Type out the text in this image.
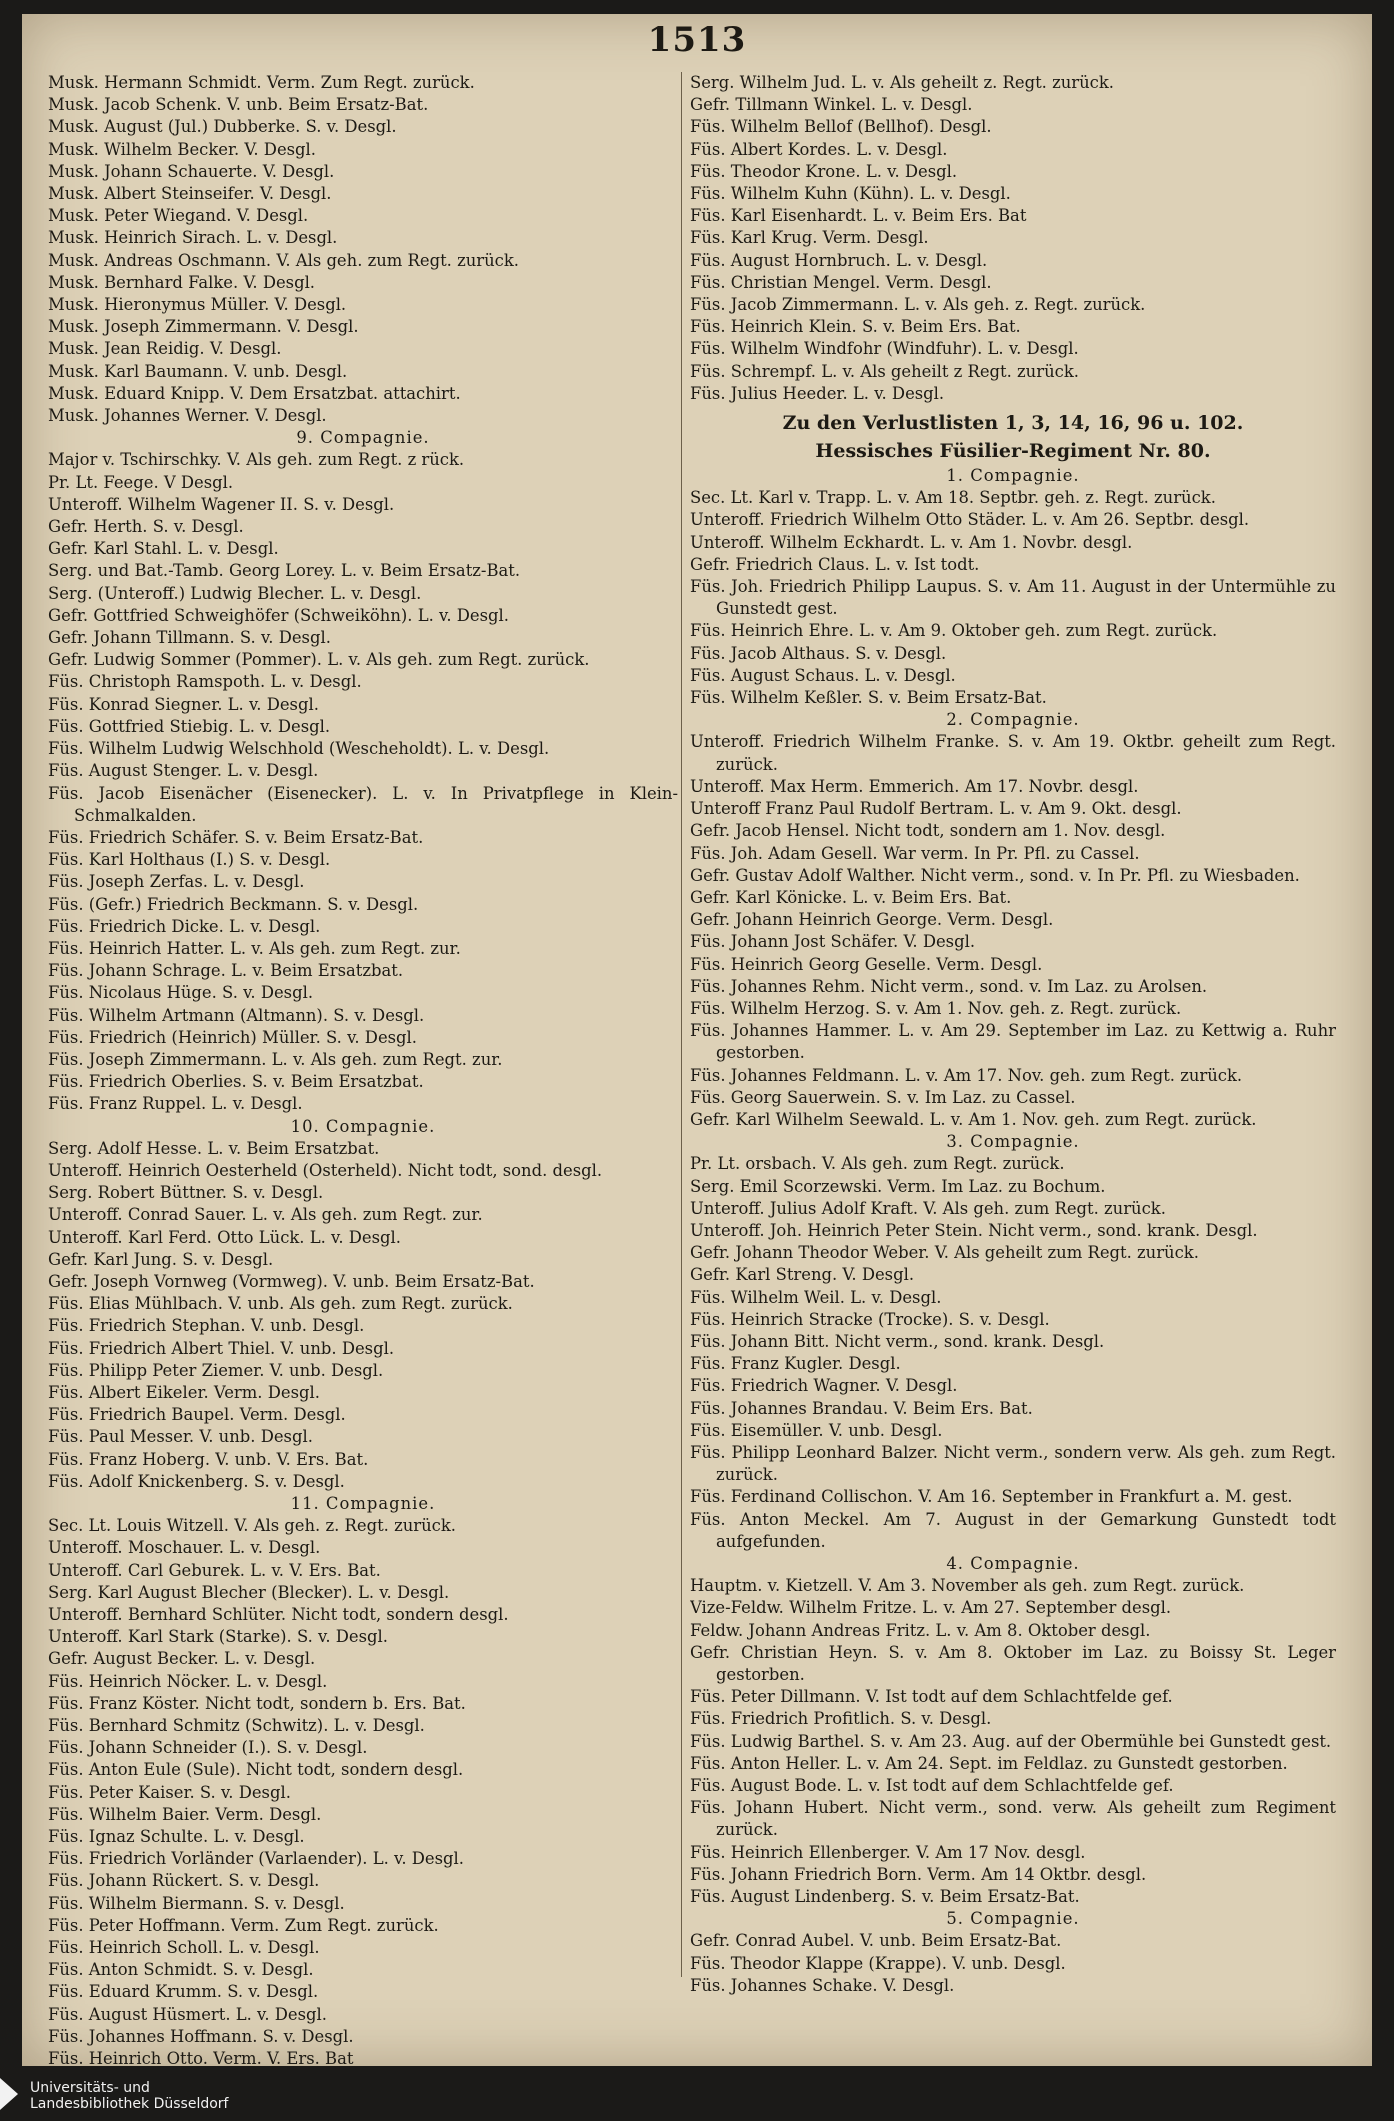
1513
Musk. Hermann Schmidt. Verm. Zum Regt. zurück.
Musk. Jacob Schenk. V. unb. Beim Ersatz-Bat.
Musk. August (Jul.) Dubberke. S. v. Desgl.
Musk. Wilhelm Becker. V. Desgl.
Musk. Johann Schauerte. V. Desgl.
Musk. Albert Steinseifer. V. Desgl.
Musk. Peter Wiegand. V. Desgl.
Musk. Heinrich Sirach. L. v. Desgl.
Musk. Andreas Oschmann. V. Als geh. zum Regt. zurück.
Musk. Bernhard Falke. V. Desgl.
Musk. Hieronymus Müller. V. Desgl.
Musk. Joseph Zimmermann. V. Desgl.
Musk. Jean Reidig. V. Desgl.
Musk. Karl Baumann. V. unb. Desgl.
Musk. Eduard Knipp. V. Dem Ersatzbat. attachirt.
Musk. Johannes Werner. V. Desgl.
9. Compagnie.
Major v. Tschirschky. V. Als geh. zum Regt. z rück.
Pr. Lt. Feege. V Desgl.
Unteroff. Wilhelm Wagener II. S. v. Desgl.
Gefr. Herth. S. v. Desgl.
Gefr. Karl Stahl. L. v. Desgl.
Serg. und Bat.-Tamb. Georg Lorey. L. v. Beim Ersatz-Bat.
Serg. (Unteroff.) Ludwig Blecher. L. v. Desgl.
Gefr. Gottfried Schweighöfer (Schweiköhn). L. v. Desgl.
Gefr. Johann Tillmann. S. v. Desgl.
Gefr. Ludwig Sommer (Pommer). L. v. Als geh. zum Regt. zurück.
Füs. Christoph Ramspoth. L. v. Desgl.
Füs. Konrad Siegner. L. v. Desgl.
Füs. Gottfried Stiebig. L. v. Desgl.
Füs. Wilhelm Ludwig Welschhold (Wescheholdt). L. v. Desgl.
Füs. August Stenger. L. v. Desgl.
Füs. Jacob Eisenächer (Eisenecker). L. v. In Privatpflege in Klein-Schmalkalden.
Füs. Friedrich Schäfer. S. v. Beim Ersatz-Bat.
Füs. Karl Holthaus (I.) S. v. Desgl.
Füs. Joseph Zerfas. L. v. Desgl.
Füs. (Gefr.) Friedrich Beckmann. S. v. Desgl.
Füs. Friedrich Dicke. L. v. Desgl.
Füs. Heinrich Hatter. L. v. Als geh. zum Regt. zur.
Füs. Johann Schrage. L. v. Beim Ersatzbat.
Füs. Nicolaus Hüge. S. v. Desgl.
Füs. Wilhelm Artmann (Altmann). S. v. Desgl.
Füs. Friedrich (Heinrich) Müller. S. v. Desgl.
Füs. Joseph Zimmermann. L. v. Als geh. zum Regt. zur.
Füs. Friedrich Oberlies. S. v. Beim Ersatzbat.
Füs. Franz Ruppel. L. v. Desgl.
10. Compagnie.
Serg. Adolf Hesse. L. v. Beim Ersatzbat.
Unteroff. Heinrich Oesterheld (Osterheld). Nicht todt, sond. desgl.
Serg. Robert Büttner. S. v. Desgl.
Unteroff. Conrad Sauer. L. v. Als geh. zum Regt. zur.
Unteroff. Karl Ferd. Otto Lück. L. v. Desgl.
Gefr. Karl Jung. S. v. Desgl.
Gefr. Joseph Vornweg (Vormweg). V. unb. Beim Ersatz-Bat.
Füs. Elias Mühlbach. V. unb. Als geh. zum Regt. zurück.
Füs. Friedrich Stephan. V. unb. Desgl.
Füs. Friedrich Albert Thiel. V. unb. Desgl.
Füs. Philipp Peter Ziemer. V. unb. Desgl.
Füs. Albert Eikeler. Verm. Desgl.
Füs. Friedrich Baupel. Verm. Desgl.
Füs. Paul Messer. V. unb. Desgl.
Füs. Franz Hoberg. V. unb. V. Ers. Bat.
Füs. Adolf Knickenberg. S. v. Desgl.
11. Compagnie.
Sec. Lt. Louis Witzell. V. Als geh. z. Regt. zurück.
Unteroff. Moschauer. L. v. Desgl.
Unteroff. Carl Geburek. L. v. V. Ers. Bat.
Serg. Karl August Blecher (Blecker). L. v. Desgl.
Unteroff. Bernhard Schlüter. Nicht todt, sondern desgl.
Unteroff. Karl Stark (Starke). S. v. Desgl.
Gefr. August Becker. L. v. Desgl.
Füs. Heinrich Nöcker. L. v. Desgl.
Füs. Franz Köster. Nicht todt, sondern b. Ers. Bat.
Füs. Bernhard Schmitz (Schwitz). L. v. Desgl.
Füs. Johann Schneider (I.). S. v. Desgl.
Füs. Anton Eule (Sule). Nicht todt, sondern desgl.
Füs. Peter Kaiser. S. v. Desgl.
Füs. Wilhelm Baier. Verm. Desgl.
Füs. Ignaz Schulte. L. v. Desgl.
Füs. Friedrich Vorländer (Varlaender). L. v. Desgl.
Füs. Johann Rückert. S. v. Desgl.
Füs. Wilhelm Biermann. S. v. Desgl.
Füs. Peter Hoffmann. Verm. Zum Regt. zurück.
Füs. Heinrich Scholl. L. v. Desgl.
Füs. Anton Schmidt. S. v. Desgl.
Füs. Eduard Krumm. S. v. Desgl.
Füs. August Hüsmert. L. v. Desgl.
Füs. Johannes Hoffmann. S. v. Desgl.
Füs. Heinrich Otto. Verm. V. Ers. Bat
Serg. Wilhelm Jud. L. v. Als geheilt z. Regt. zurück.
Gefr. Tillmann Winkel. L. v. Desgl.
Füs. Wilhelm Bellof (Bellhof). Desgl.
Füs. Albert Kordes. L. v. Desgl.
Füs. Theodor Krone. L. v. Desgl.
Füs. Wilhelm Kuhn (Kühn). L. v. Desgl.
Füs. Karl Eisenhardt. L. v. Beim Ers. Bat
Füs. Karl Krug. Verm. Desgl.
Füs. August Hornbruch. L. v. Desgl.
Füs. Christian Mengel. Verm. Desgl.
Füs. Jacob Zimmermann. L. v. Als geh. z. Regt. zurück.
Füs. Heinrich Klein. S. v. Beim Ers. Bat.
Füs. Wilhelm Windfohr (Windfuhr). L. v. Desgl.
Füs. Schrempf. L. v. Als geheilt z Regt. zurück.
Füs. Julius Heeder. L. v. Desgl.
Zu den Verlustlisten 1, 3, 14, 16, 96 u. 102.
Hessisches Füsilier-Regiment Nr. 80.
1. Compagnie.
Sec. Lt. Karl v. Trapp. L. v. Am 18. Septbr. geh. z. Regt. zurück.
Unteroff. Friedrich Wilhelm Otto Städer. L. v. Am 26. Septbr. desgl.
Unteroff. Wilhelm Eckhardt. L. v. Am 1. Novbr. desgl.
Gefr. Friedrich Claus. L. v. Ist todt.
Füs. Joh. Friedrich Philipp Laupus. S. v. Am 11. August in der Untermühle zu Gunstedt gest.
Füs. Heinrich Ehre. L. v. Am 9. Oktober geh. zum Regt. zurück.
Füs. Jacob Althaus. S. v. Desgl.
Füs. August Schaus. L. v. Desgl.
Füs. Wilhelm Keßler. S. v. Beim Ersatz-Bat.
2. Compagnie.
Unteroff. Friedrich Wilhelm Franke. S. v. Am 19. Oktbr. geheilt zum Regt. zurück.
Unteroff. Max Herm. Emmerich. Am 17. Novbr. desgl.
Unteroff Franz Paul Rudolf Bertram. L. v. Am 9. Okt. desgl.
Gefr. Jacob Hensel. Nicht todt, sondern am 1. Nov. desgl.
Füs. Joh. Adam Gesell. War verm. In Pr. Pfl. zu Cassel.
Gefr. Gustav Adolf Walther. Nicht verm., sond. v. In Pr. Pfl. zu Wiesbaden.
Gefr. Karl Könicke. L. v. Beim Ers. Bat.
Gefr. Johann Heinrich George. Verm. Desgl.
Füs. Johann Jost Schäfer. V. Desgl.
Füs. Heinrich Georg Geselle. Verm. Desgl.
Füs. Johannes Rehm. Nicht verm., sond. v. Im Laz. zu Arolsen.
Füs. Wilhelm Herzog. S. v. Am 1. Nov. geh. z. Regt. zurück.
Füs. Johannes Hammer. L. v. Am 29. September im Laz. zu Kettwig a. Ruhr gestorben.
Füs. Johannes Feldmann. L. v. Am 17. Nov. geh. zum Regt. zurück.
Füs. Georg Sauerwein. S. v. Im Laz. zu Cassel.
Gefr. Karl Wilhelm Seewald. L. v. Am 1. Nov. geh. zum Regt. zurück.
3. Compagnie.
Pr. Lt. orsbach. V. Als geh. zum Regt. zurück.
Serg. Emil Scorzewski. Verm. Im Laz. zu Bochum.
Unteroff. Julius Adolf Kraft. V. Als geh. zum Regt. zurück.
Unteroff. Joh. Heinrich Peter Stein. Nicht verm., sond. krank. Desgl.
Gefr. Johann Theodor Weber. V. Als geheilt zum Regt. zurück.
Gefr. Karl Streng. V. Desgl.
Füs. Wilhelm Weil. L. v. Desgl.
Füs. Heinrich Stracke (Trocke). S. v. Desgl.
Füs. Johann Bitt. Nicht verm., sond. krank. Desgl.
Füs. Franz Kugler. Desgl.
Füs. Friedrich Wagner. V. Desgl.
Füs. Johannes Brandau. V. Beim Ers. Bat.
Füs. Eisemüller. V. unb. Desgl.
Füs. Philipp Leonhard Balzer. Nicht verm., sondern verw. Als geh. zum Regt. zurück.
Füs. Ferdinand Collischon. V. Am 16. September in Frankfurt a. M. gest.
Füs. Anton Meckel. Am 7. August in der Gemarkung Gunstedt todt aufgefunden.
4. Compagnie.
Hauptm. v. Kietzell. V. Am 3. November als geh. zum Regt. zurück.
Vize-Feldw. Wilhelm Fritze. L. v. Am 27. September desgl.
Feldw. Johann Andreas Fritz. L. v. Am 8. Oktober desgl.
Gefr. Christian Heyn. S. v. Am 8. Oktober im Laz. zu Boissy St. Leger gestorben.
Füs. Peter Dillmann. V. Ist todt auf dem Schlachtfelde gef.
Füs. Friedrich Profitlich. S. v. Desgl.
Füs. Ludwig Barthel. S. v. Am 23. Aug. auf der Obermühle bei Gunstedt gest.
Füs. Anton Heller. L. v. Am 24. Sept. im Feldlaz. zu Gunstedt gestorben.
Füs. August Bode. L. v. Ist todt auf dem Schlachtfelde gef.
Füs. Johann Hubert. Nicht verm., sond. verw. Als geheilt zum Regiment zurück.
Füs. Heinrich Ellenberger. V. Am 17 Nov. desgl.
Füs. Johann Friedrich Born. Verm. Am 14 Oktbr. desgl.
Füs. August Lindenberg. S. v. Beim Ersatz-Bat.
5. Compagnie.
Gefr. Conrad Aubel. V. unb. Beim Ersatz-Bat.
Füs. Theodor Klappe (Krappe). V. unb. Desgl.
Füs. Johannes Schake. V. Desgl.
Universitäts- und
Landesbibliothek Düsseldorf
